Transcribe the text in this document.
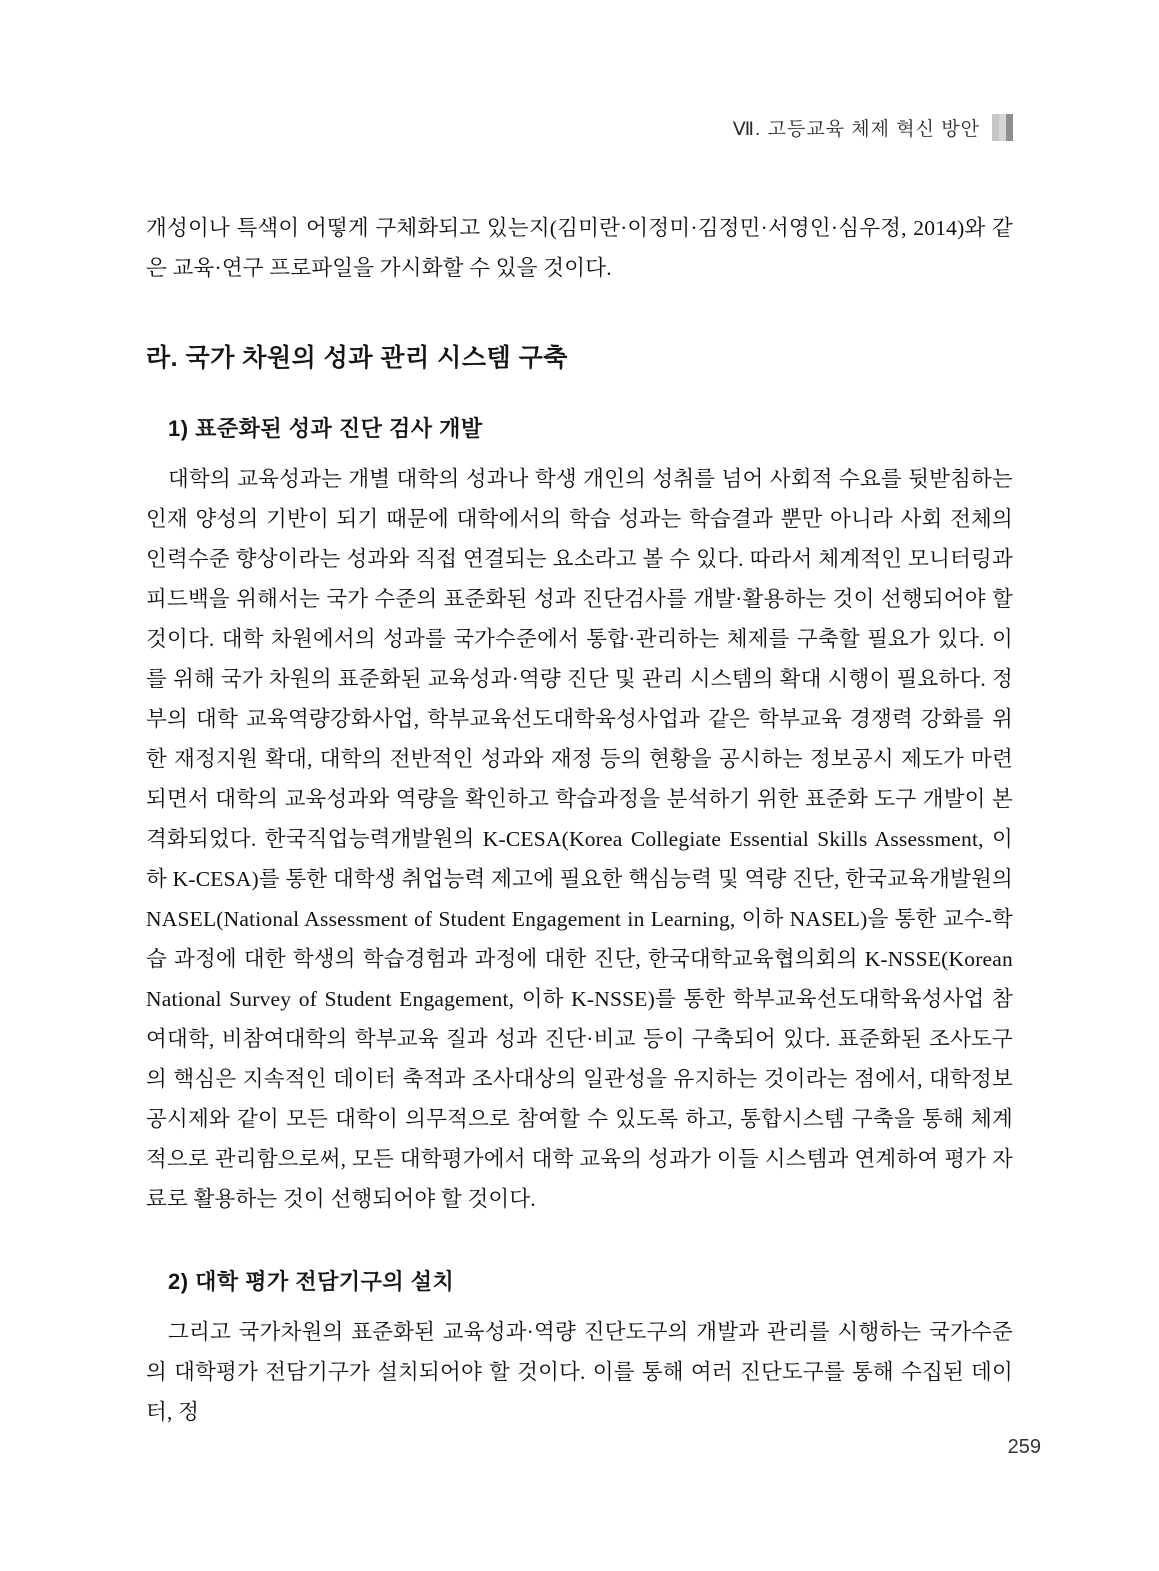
Ⅶ. 고등교육 체제 혁신 방안

개성이나 특색이 어떻게 구체화되고 있는지(김미란·이정미·김정민·서영인·심우정, 2014)와 같은 교육·연구 프로파일을 가시화할 수 있을 것이다.

라. 국가 차원의 성과 관리 시스템 구축
1) 표준화된 성과 진단 검사 개발

대학의 교육성과는 개별 대학의 성과나 학생 개인의 성취를 넘어 사회적 수요를 뒷받침하는 인재 양성의 기반이 되기 때문에 대학에서의 학습 성과는 학습결과 뿐만 아니라 사회 전체의 인력수준 향상이라는 성과와 직접 연결되는 요소라고 볼 수 있다. 따라서 체계적인 모니터링과 피드백을 위해서는 국가 수준의 표준화된 성과 진단검사를 개발·활용하는 것이 선행되어야 할 것이다. 대학 차원에서의 성과를 국가수준에서 통합·관리하는 체제를 구축할 필요가 있다. 이를 위해 국가 차원의 표준화된 교육성과·역량 진단 및 관리 시스템의 확대 시행이 필요하다. 정부의 대학 교육역량강화사업, 학부교육선도대학육성사업과 같은 학부교육 경쟁력 강화를 위한 재정지원 확대, 대학의 전반적인 성과와 재정 등의 현황을 공시하는 정보공시 제도가 마련되면서 대학의 교육성과와 역량을 확인하고 학습과정을 분석하기 위한 표준화 도구 개발이 본격화되었다. 한국직업능력개발원의 K-CESA(Korea Collegiate Essential Skills Assessment, 이하 K-CESA)를 통한 대학생 취업능력 제고에 필요한 핵심능력 및 역량 진단, 한국교육개발원의 NASEL(National Assessment of Student Engagement in Learning, 이하 NASEL)을 통한 교수-학습 과정에 대한 학생의 학습경험과 과정에 대한 진단, 한국대학교육협의회의 K-NSSE(Korean National Survey of Student Engagement, 이하 K-NSSE)를 통한 학부교육선도대학육성사업 참여대학, 비참여대학의 학부교육 질과 성과 진단·비교 등이 구축되어 있다. 표준화된 조사도구의 핵심은 지속적인 데이터 축적과 조사대상의 일관성을 유지하는 것이라는 점에서, 대학정보공시제와 같이 모든 대학이 의무적으로 참여할 수 있도록 하고, 통합시스템 구축을 통해 체계적으로 관리함으로써, 모든 대학평가에서 대학 교육의 성과가 이들 시스템과 연계하여 평가 자료로 활용하는 것이 선행되어야 할 것이다.

2) 대학 평가 전담기구의 설치

그리고 국가차원의 표준화된 교육성과·역량 진단도구의 개발과 관리를 시행하는 국가수준의 대학평가 전담기구가 설치되어야 할 것이다. 이를 통해 여러 진단도구를 통해 수집된 데이터, 정

259
